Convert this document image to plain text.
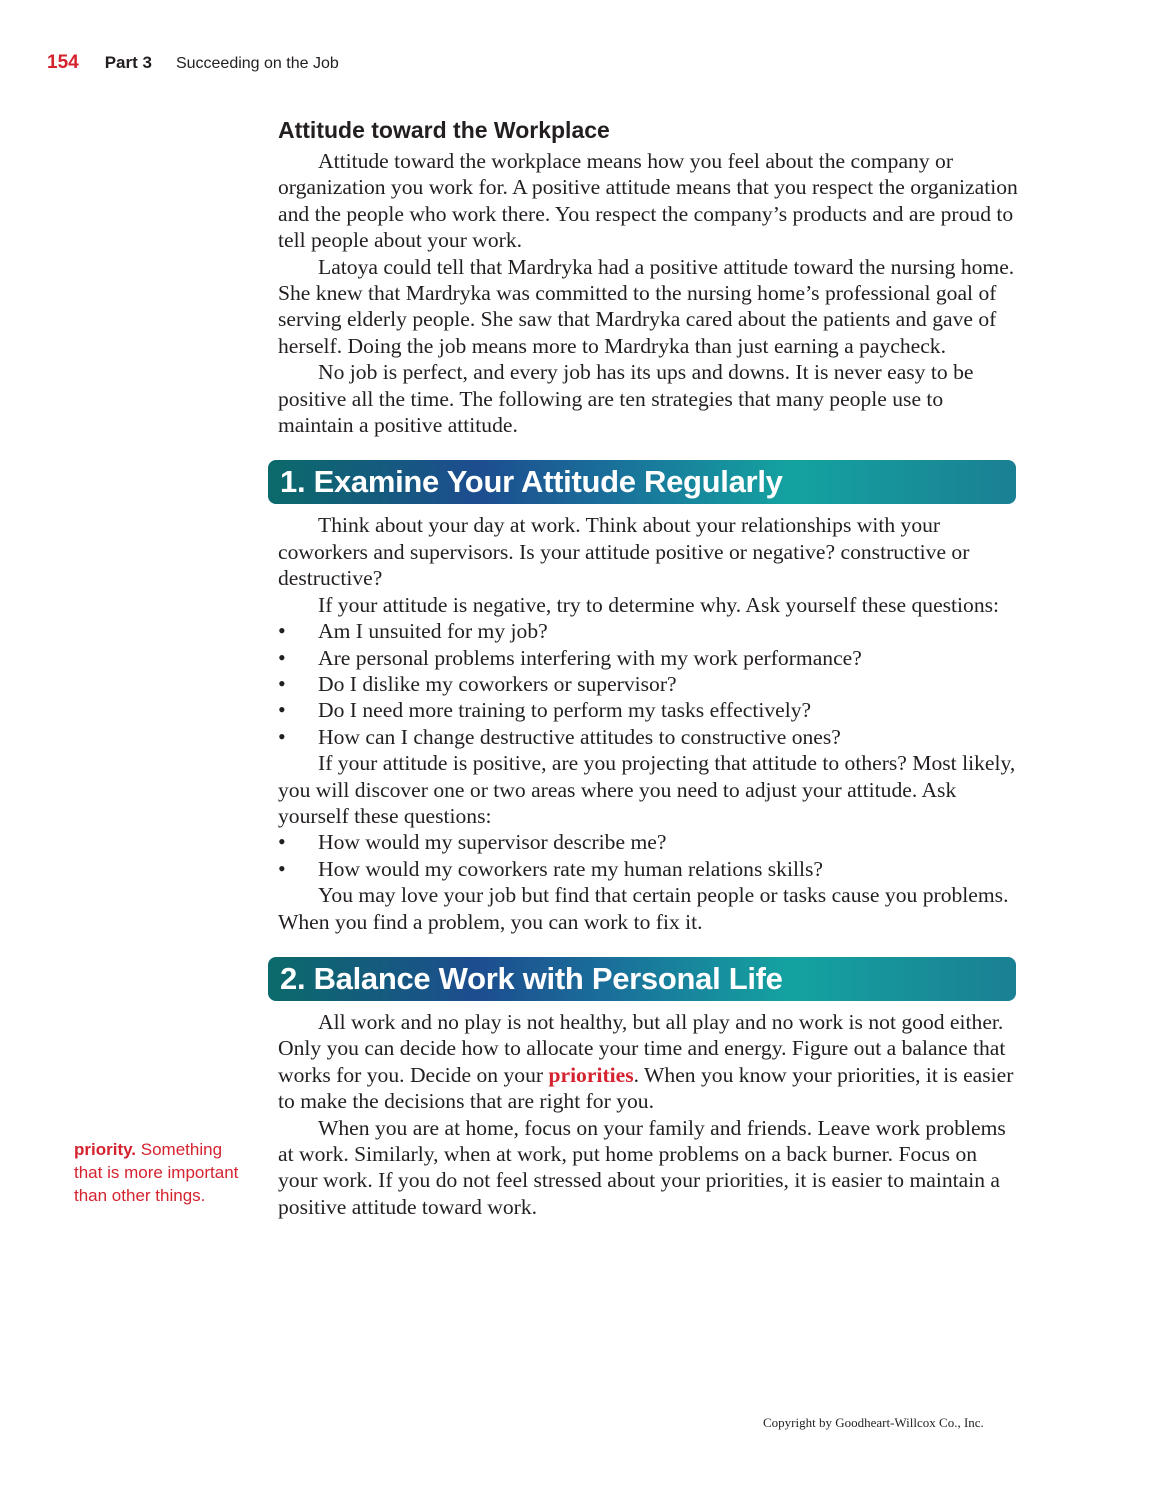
154 Part 3 Succeeding on the Job
Attitude toward the Workplace

Attitude toward the workplace means how you feel about the company or organization you work for. A positive attitude means that you respect the organization and the people who work there. You respect the company’s products and are proud to tell people about your work.

Latoya could tell that Mardryka had a positive attitude toward the nursing home. She knew that Mardryka was committed to the nursing home’s professional goal of serving elderly people. She saw that Mardryka cared about the patients and gave of herself. Doing the job means more to Mardryka than just earning a paycheck.

No job is perfect, and every job has its ups and downs. It is never easy to be positive all the time. The following are ten strategies that many people use to maintain a positive attitude.

1. Examine Your Attitude Regularly

Think about your day at work. Think about your relationships with your coworkers and supervisors. Is your attitude positive or negative? constructive or destructive?

If your attitude is negative, try to determine why. Ask yourself these questions:

• Am I unsuited for my job?
• Are personal problems interfering with my work performance?
• Do I dislike my coworkers or supervisor?
• Do I need more training to perform my tasks effectively?
• How can I change destructive attitudes to constructive ones?

If your attitude is positive, are you projecting that attitude to others? Most likely, you will discover one or two areas where you need to adjust your attitude. Ask yourself these questions:

• How would my supervisor describe me?
• How would my coworkers rate my human relations skills?

You may love your job but find that certain people or tasks cause you problems. When you find a problem, you can work to fix it.

2. Balance Work with Personal Life

All work and no play is not healthy, but all play and no work is not good either. Only you can decide how to allocate your time and energy. Figure out a balance that works for you. Decide on your priorities. When you know your priorities, it is easier to make the decisions that are right for you.

When you are at home, focus on your family and friends. Leave work problems at work. Similarly, when at work, put home problems on a back burner. Focus on your work. If you do not feel stressed about your priorities, it is easier to maintain a positive attitude toward work.

priority. Something that is more important than other things.
Copyright by Goodheart-Willcox Co., Inc.
